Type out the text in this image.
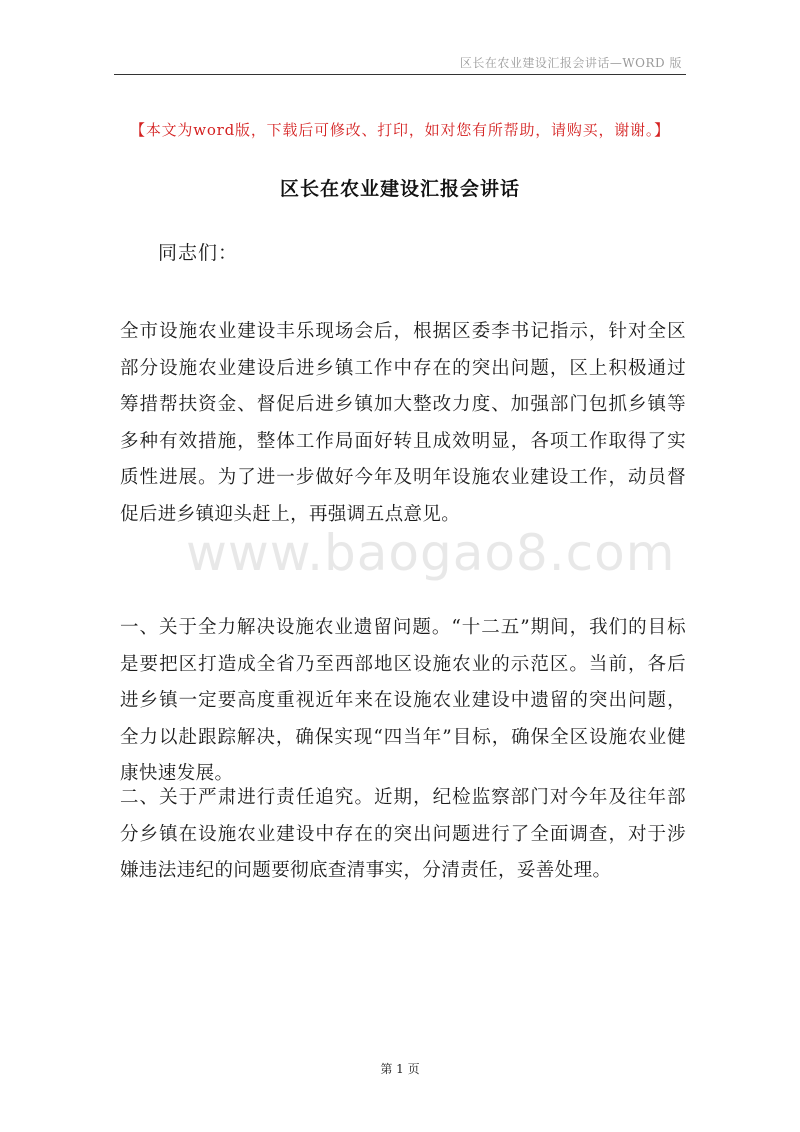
区长在农业建设汇报会讲话—WORD 版
【本文为word版，下载后可修改、打印，如对您有所帮助，请购买，谢谢。】
区长在农业建设汇报会讲话
同志们：

全市设施农业建设丰乐现场会后，根据区委李书记指示，针对全区部分设施农业建设后进乡镇工作中存在的突出问题，区上积极通过筹措帮扶资金、督促后进乡镇加大整改力度、加强部门包抓乡镇等多种有效措施，整体工作局面好转且成效明显，各项工作取得了实质性进展。为了进一步做好今年及明年设施农业建设工作，动员督促后进乡镇迎头赶上，再强调五点意见。

一、关于全力解决设施农业遗留问题。“十二五”期间，我们的目标是要把区打造成全省乃至西部地区设施农业的示范区。当前，各后进乡镇一定要高度重视近年来在设施农业建设中遗留的突出问题，全力以赴跟踪解决，确保实现“四当年”目标，确保全区设施农业健康快速发展。

二、关于严肃进行责任追究。近期，纪检监察部门对今年及往年部分乡镇在设施农业建设中存在的突出问题进行了全面调查，对于涉嫌违法违纪的问题要彻底查清事实，分清责任，妥善处理。

www.baogao8.com
第 1 页
